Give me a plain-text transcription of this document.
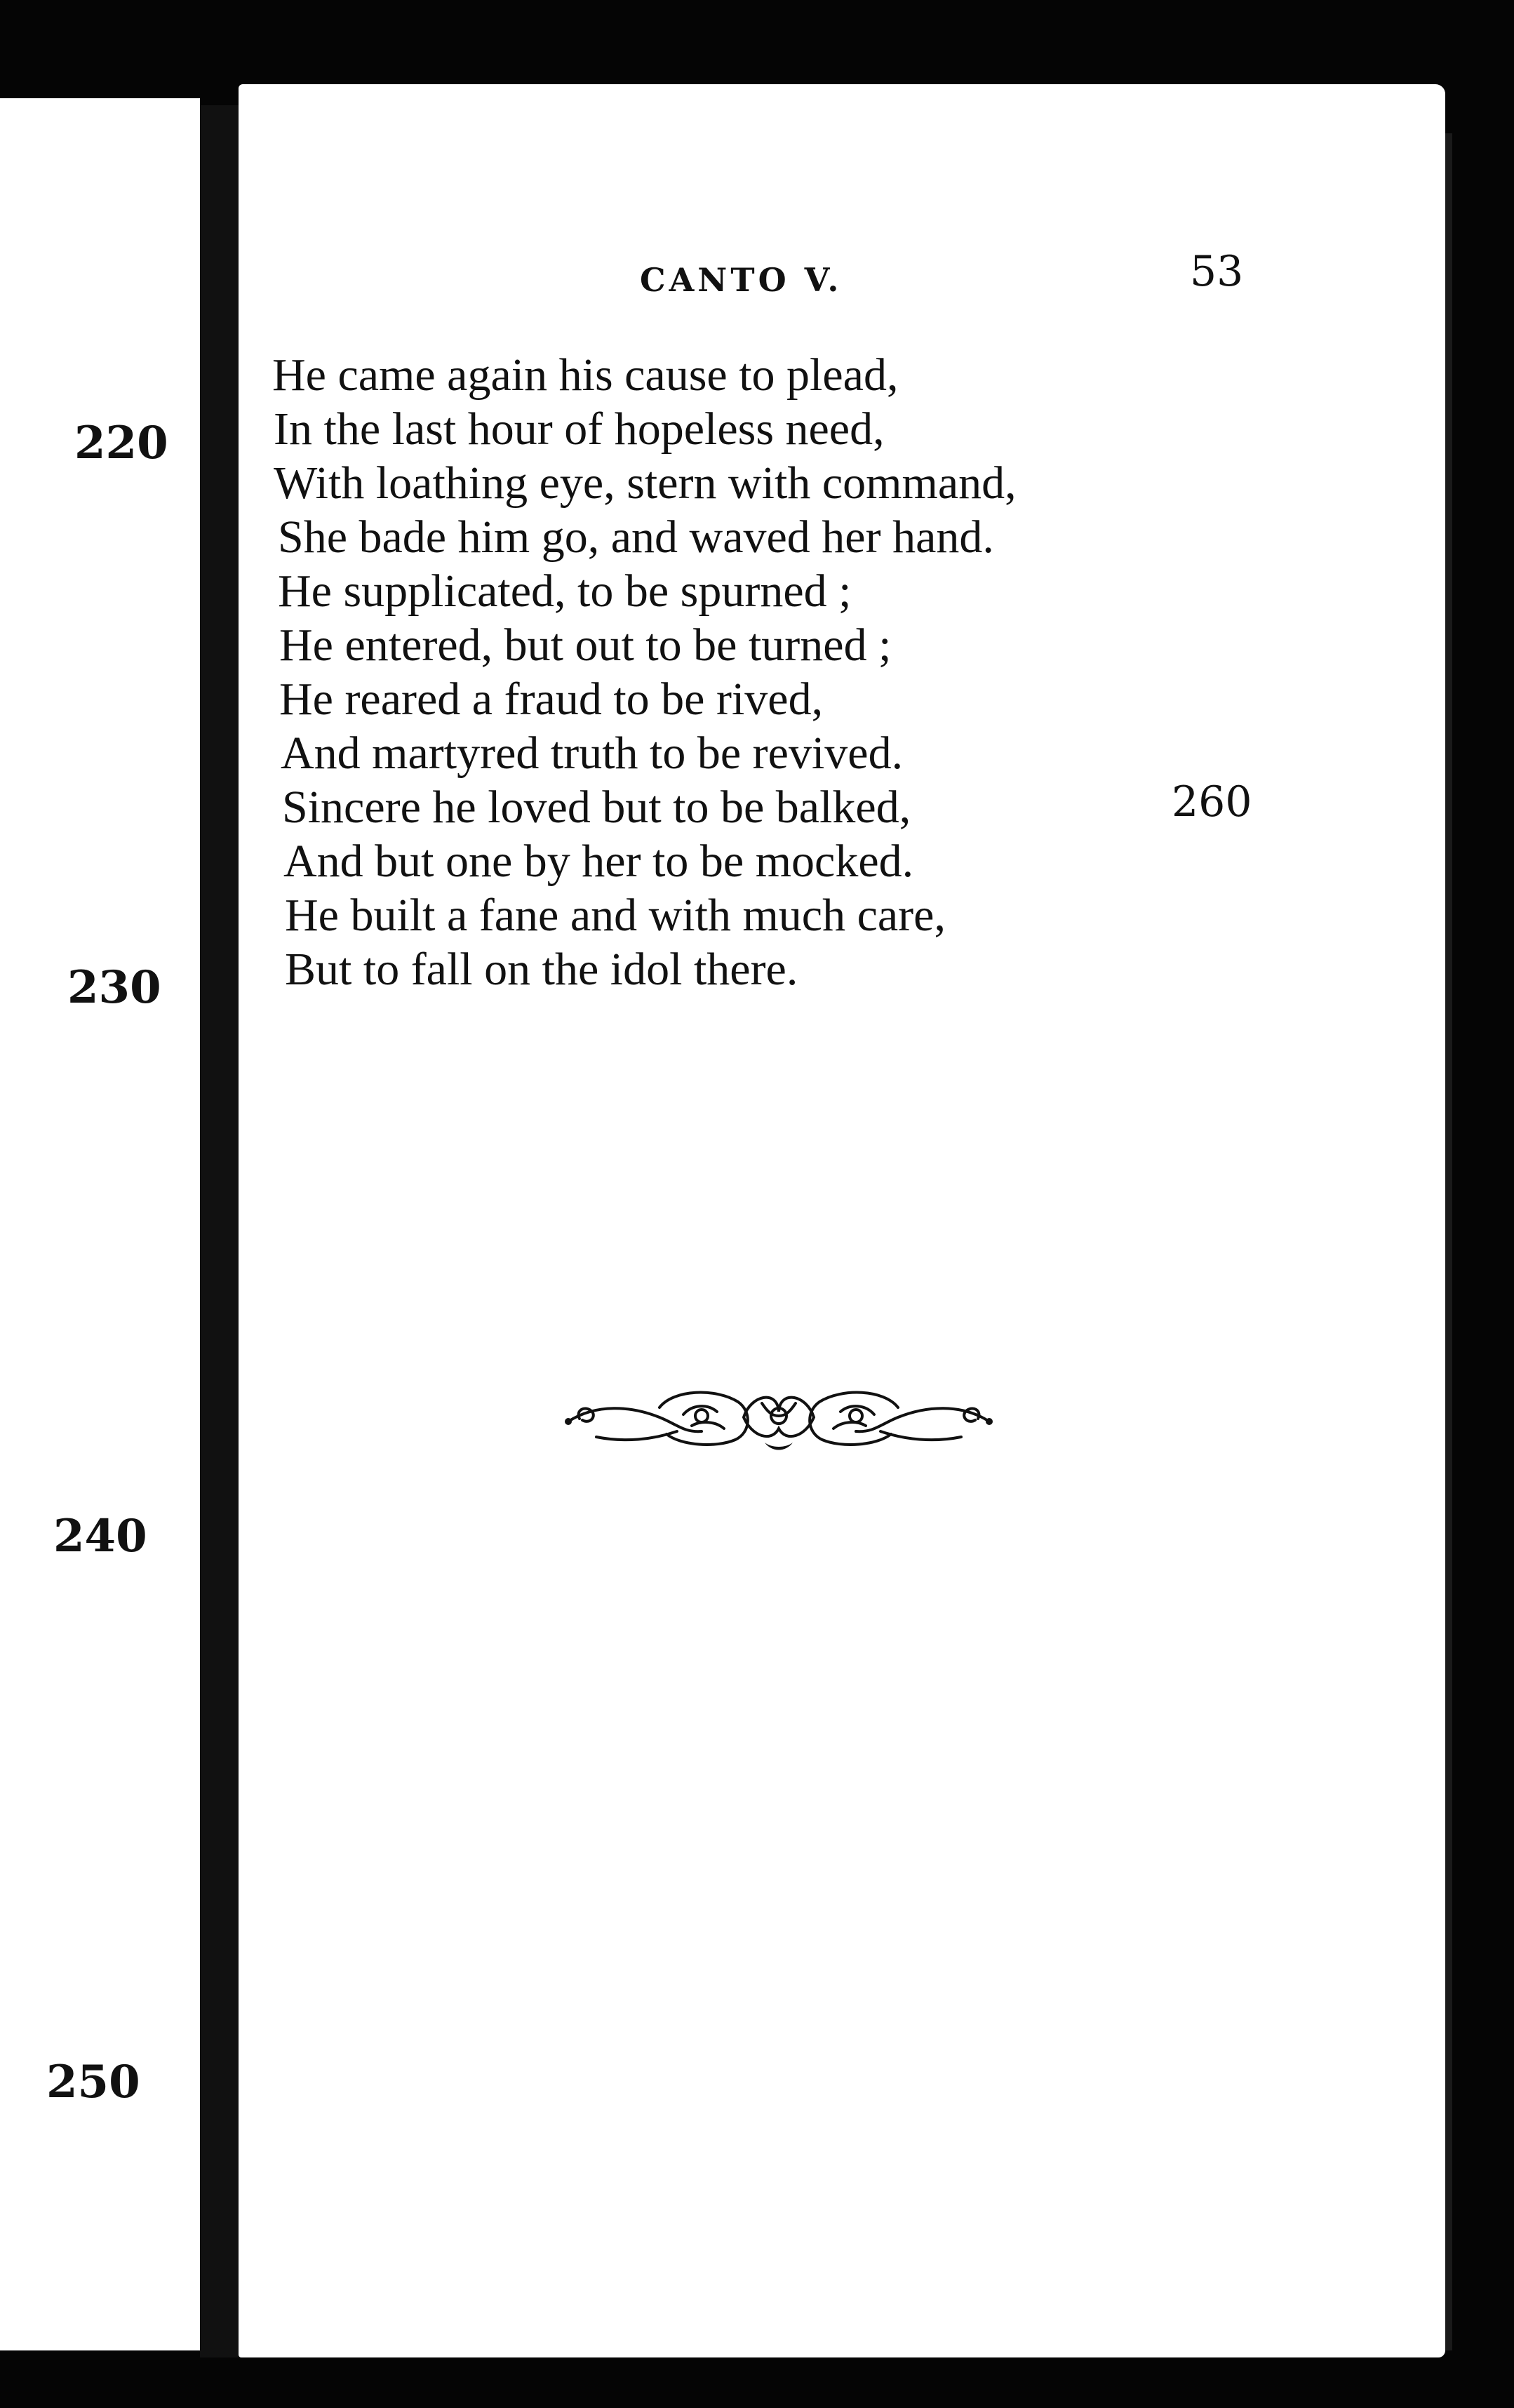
220
230
240
250
CANTO V.	53
He came again his cause to plead,
In the last hour of hopeless need,
With loathing eye, stern with command,
She bade him go, and waved her hand.
He supplicated, to be spurned ;
He entered, but out to be turned ;
He reared a fraud to be rived,
And martyred truth to be revived.
Sincere he loved but to be balked,
And but one by her to be mocked.
He built a fane and with much care,
But to fall on the idol there.
260
